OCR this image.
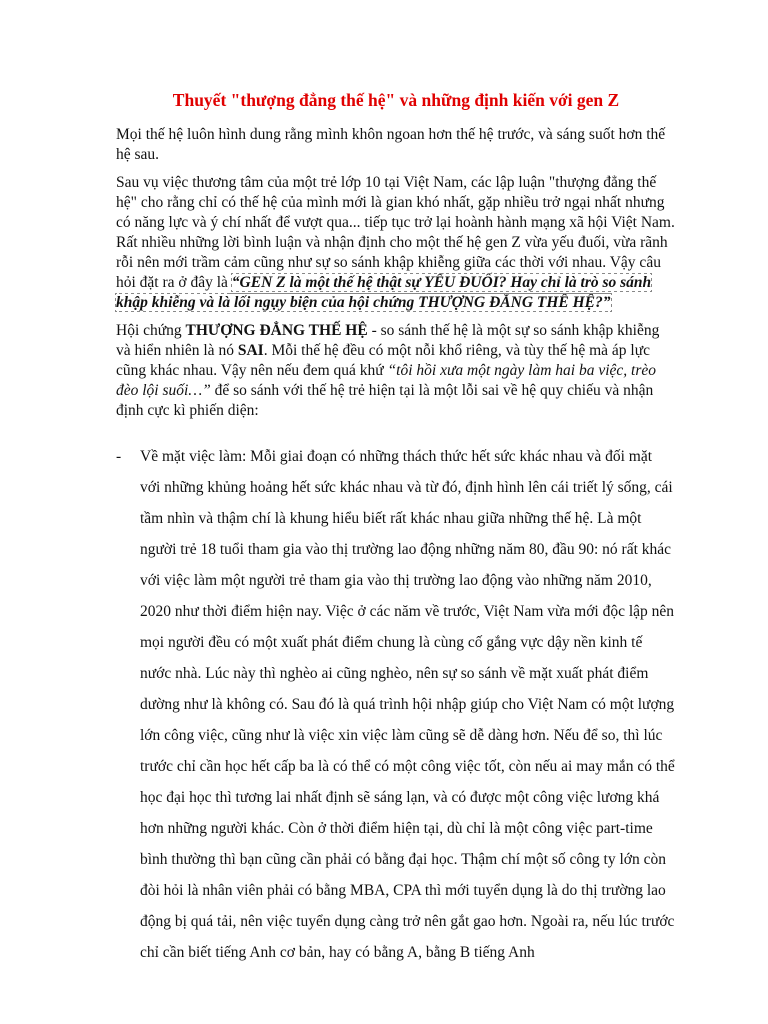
Thuyết "thượng đẳng thế hệ" và những định kiến với gen Z

Mọi thế hệ luôn hình dung rằng mình khôn ngoan hơn thế hệ trước, và sáng suốt hơn thế hệ sau.

Sau vụ việc thương tâm của một trẻ lớp 10 tại Việt Nam, các lập luận "thượng đẳng thế hệ" cho rằng chỉ có thế hệ của mình mới là gian khó nhất, gặp nhiều trở ngại nhất nhưng có năng lực và ý chí nhất để vượt qua... tiếp tục trở lại hoành hành mạng xã hội Việt Nam. Rất nhiều những lời bình luận và nhận định cho một thế hệ gen Z vừa yếu đuối, vừa rãnh rỗi nên mới trầm cảm cũng như sự so sánh khập khiễng giữa các thời với nhau. Vậy câu hỏi đặt ra ở đây là “GEN Z là một thế hệ thật sự YẾU ĐUỐI? Hay chỉ là trò so sánh khập khiễng và là lối ngụy biện của hội chứng THƯỢNG ĐẲNG THẾ HỆ?”

Hội chứng THƯỢNG ĐẲNG THẾ HỆ - so sánh thế hệ là một sự so sánh khập khiễng và hiển nhiên là nó SAI. Mỗi thế hệ đều có một nỗi khổ riêng, và tùy thế hệ mà áp lực cũng khác nhau. Vậy nên nếu đem quá khứ “tôi hồi xưa một ngày làm hai ba việc, trèo đèo lội suối…” để so sánh với thế hệ trẻ hiện tại là một lỗi sai về hệ quy chiếu và nhận định cực kì phiến diện:

-	Về mặt việc làm: Mỗi giai đoạn có những thách thức hết sức khác nhau và đối mặt với những khủng hoảng hết sức khác nhau và từ đó, định hình lên cái triết lý sống, cái tầm nhìn và thậm chí là khung hiểu biết rất khác nhau giữa những thế hệ. Là một người trẻ 18 tuổi tham gia vào thị trường lao động những năm 80, đầu 90: nó rất khác với việc làm một người trẻ tham gia vào thị trường lao động vào những năm 2010, 2020 như thời điểm hiện nay. Việc ở các năm về trước, Việt Nam vừa mới độc lập nên mọi người đều có một xuất phát điểm chung là cùng cố gắng vực dậy nền kinh tế nước nhà. Lúc này thì nghèo ai cũng nghèo, nên sự so sánh về mặt xuất phát điểm dường như là không có. Sau đó là quá trình hội nhập giúp cho Việt Nam có một lượng lớn công việc, cũng như là việc xin việc làm cũng sẽ dễ dàng hơn. Nếu để so, thì lúc trước chỉ cần học hết cấp ba là có thể có một công việc tốt, còn nếu ai may mắn có thể học đại học thì tương lai nhất định sẽ sáng lạn, và có được một công việc lương khá hơn những người khác. Còn ở thời điểm hiện tại, dù chỉ là một công việc part-time bình thường thì bạn cũng cần phải có bằng đại học. Thậm chí một số công ty lớn còn đòi hỏi là nhân viên phải có bằng MBA, CPA thì mới tuyển dụng là do thị trường lao động bị quá tải, nên việc tuyển dụng càng trở nên gắt gao hơn. Ngoài ra, nếu lúc trước chỉ cần biết tiếng Anh cơ bản, hay có bằng A, bằng B tiếng Anh
